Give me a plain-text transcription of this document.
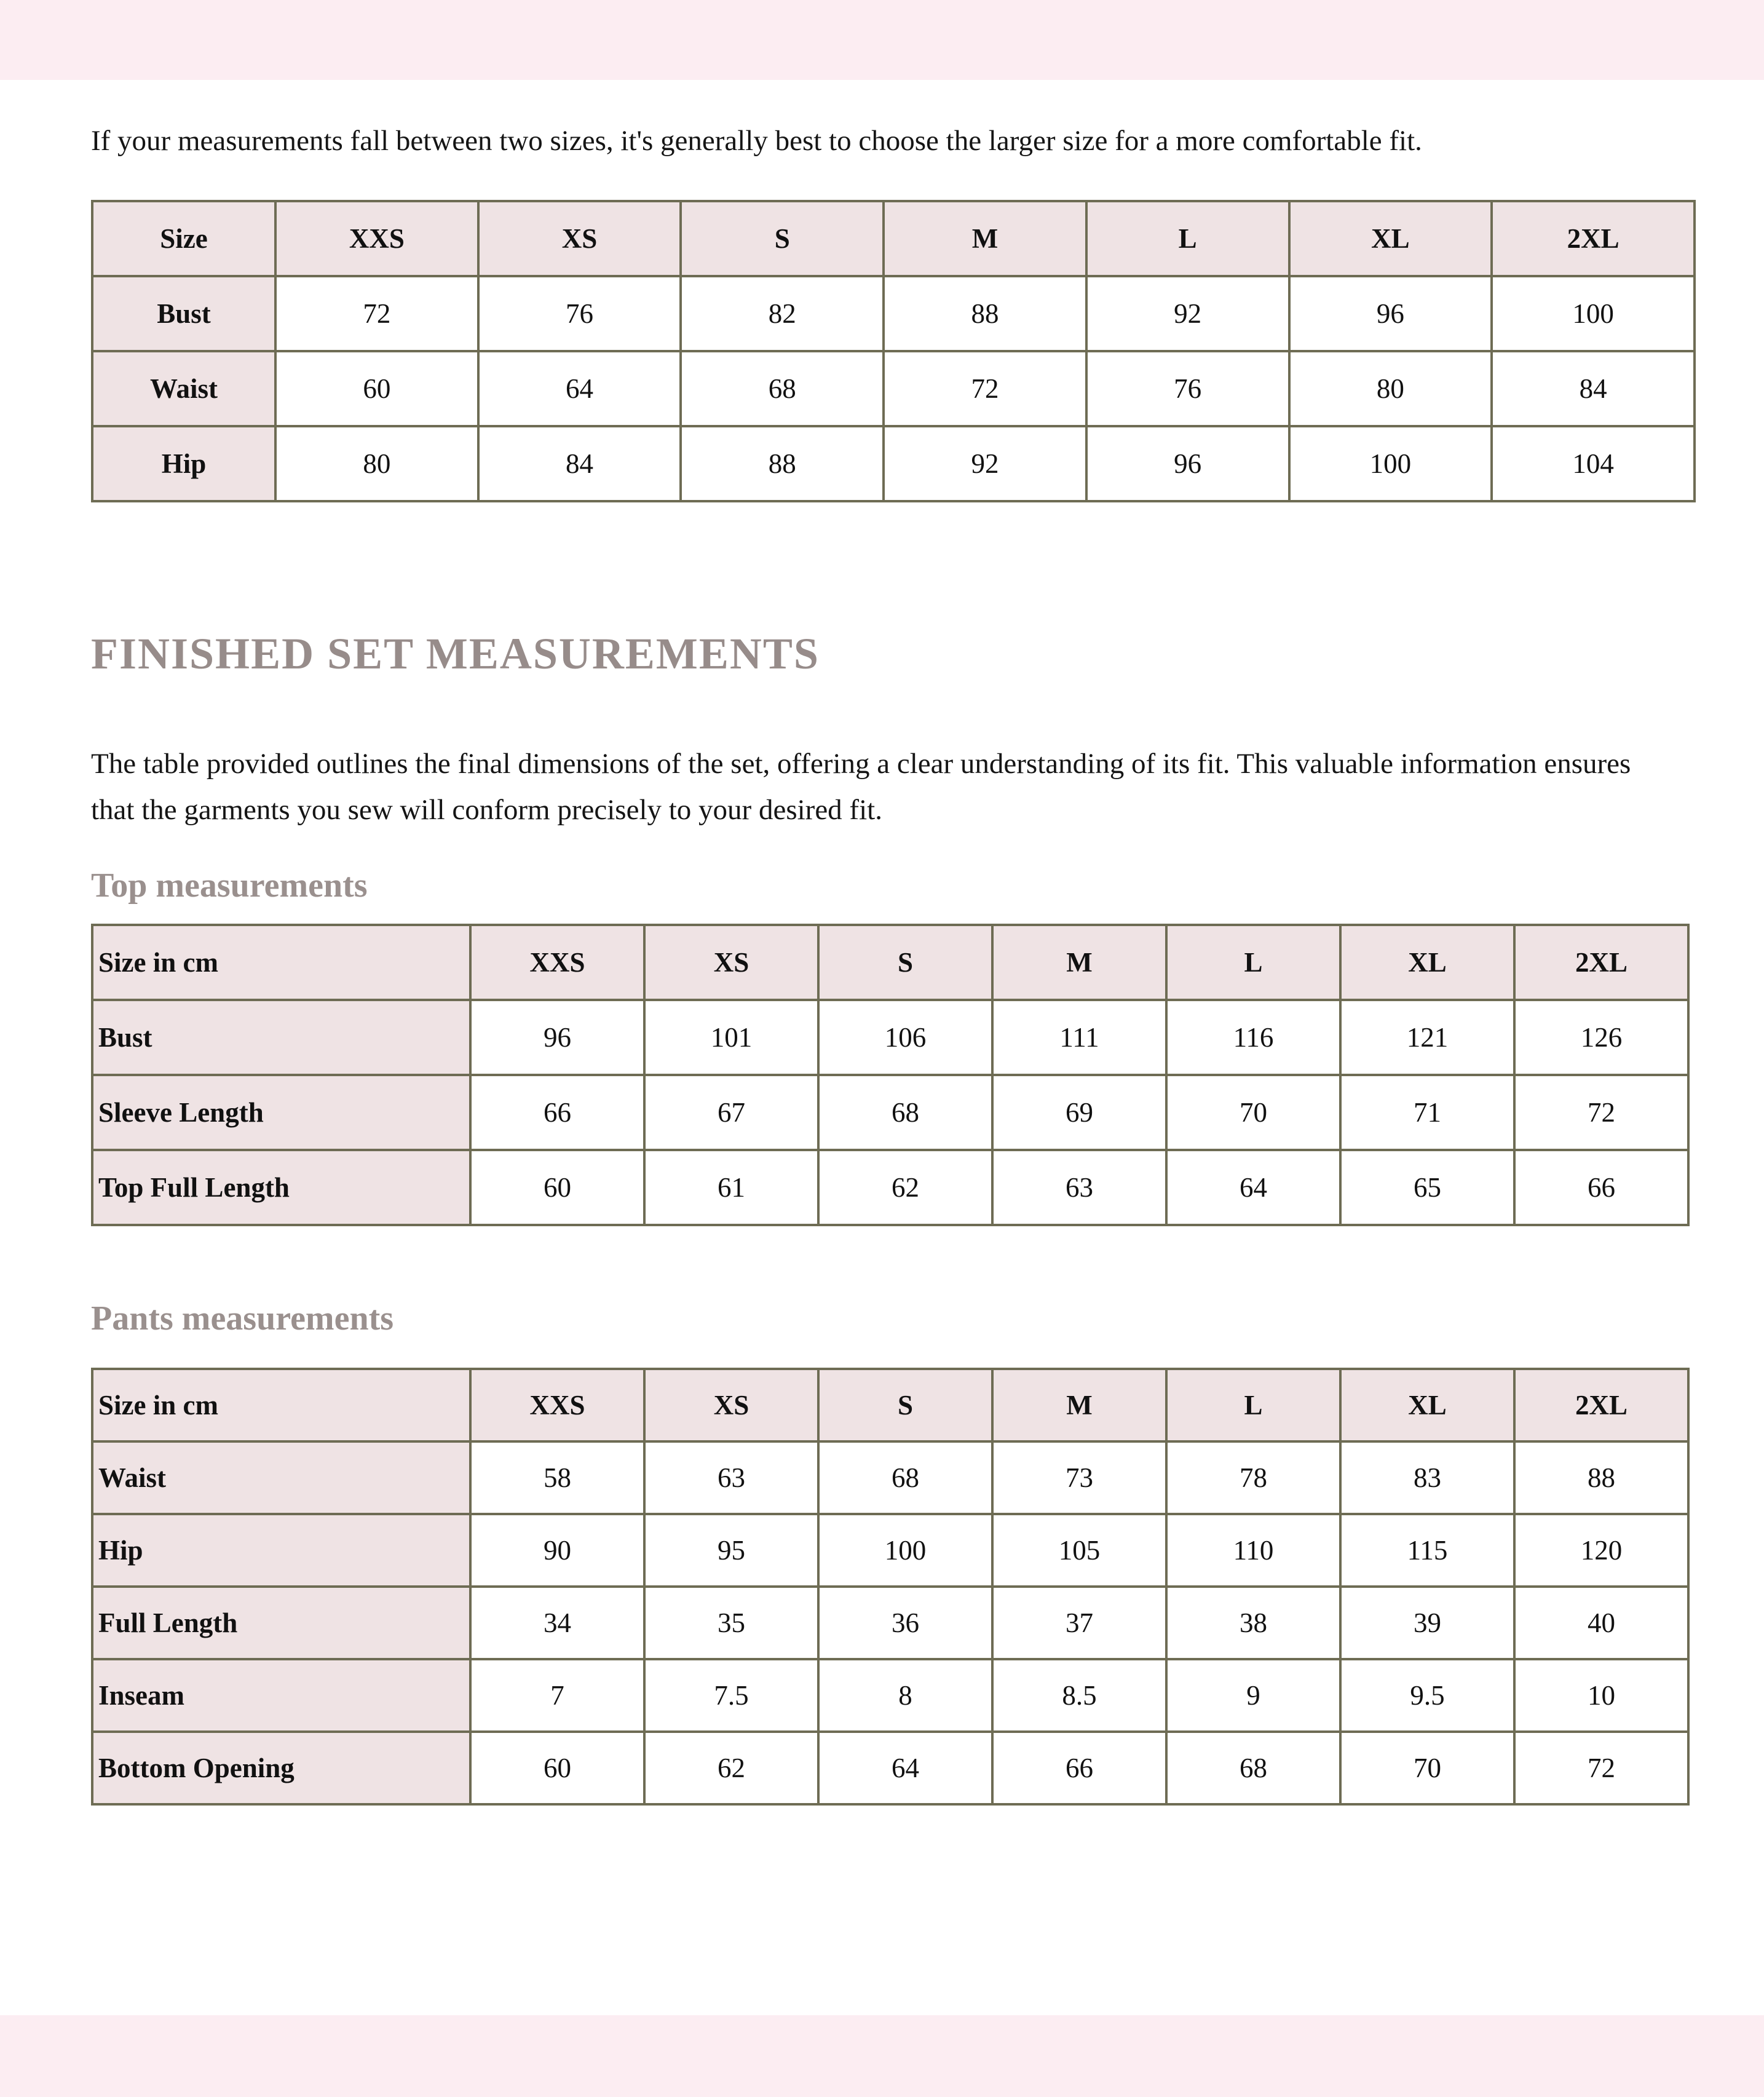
If your measurements fall between two sizes, it's generally best to choose the larger size for a more comfortable fit.

Size	XXS	XS	S	M	L	XL	2XL
Bust	72	76	82	88	92	96	100
Waist	60	64	68	72	76	80	84
Hip	80	84	88	92	96	100	104
FINISHED SET MEASUREMENTS

The table provided outlines the final dimensions of the set, offering a clear understanding of its fit. This valuable information ensures that the garments you sew will conform precisely to your desired fit.

Top measurements
Size in cm	XXS	XS	S	M	L	XL	2XL
Bust	96	101	106	111	116	121	126
Sleeve Length	66	67	68	69	70	71	72
Top Full Length	60	61	62	63	64	65	66
Pants measurements
Size in cm	XXS	XS	S	M	L	XL	2XL
Waist	58	63	68	73	78	83	88
Hip	90	95	100	105	110	115	120
Full Length	34	35	36	37	38	39	40
Inseam	7	7.5	8	8.5	9	9.5	10
Bottom Opening	60	62	64	66	68	70	72
